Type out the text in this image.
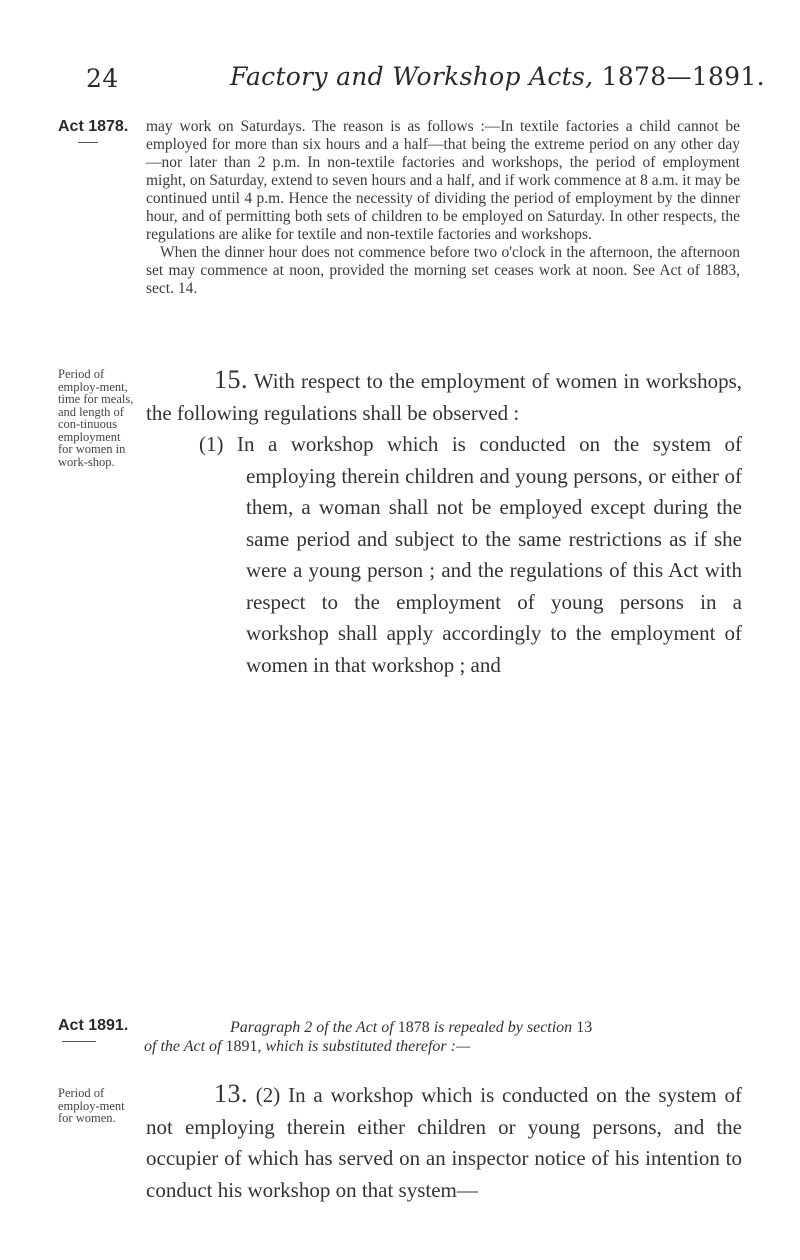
24	Factory and Workshop Acts, 1878—1891.
Act 1878. may work on Saturdays. The reason is as follows :—In textile factories a child cannot be employed for more than six hours and a half—that being the extreme period on any other day—nor later than 2 p.m. In non-textile factories and workshops, the period of employment might, on Saturday, extend to seven hours and a half, and if work commence at 8 a.m. it may be continued until 4 p.m. Hence the necessity of dividing the period of employment by the dinner hour, and of permitting both sets of children to be employed on Saturday. In other respects, the regulations are alike for textile and non-textile factories and workshops.

When the dinner hour does not commence before two o'clock in the afternoon, the afternoon set may commence at noon, provided the morning set ceases work at noon. See Act of 1883, sect. 14.

Period of employ-ment, time for meals, and length of con-tinuous employment for women in work-shop.

15. With respect to the employment of women in workshops, the following regulations shall be observed :

(1) In a workshop which is conducted on the system of employing therein children and young persons, or either of them, a woman shall not be employed except during the same period and subject to the same restrictions as if she were a young person ; and the regulations of this Act with respect to the employment of young persons in a workshop shall apply accordingly to the employment of women in that workshop ; and

Act 1891.	Paragraph 2 of the Act of 1878 is repealed by section 13
of the Act of 1891, which is substituted therefor :—
Period of employ-ment for women.

13. (2) In a workshop which is conducted on the system of not employing therein either children or young persons, and the occupier of which has served on an inspector notice of his intention to conduct his workshop on that system—
